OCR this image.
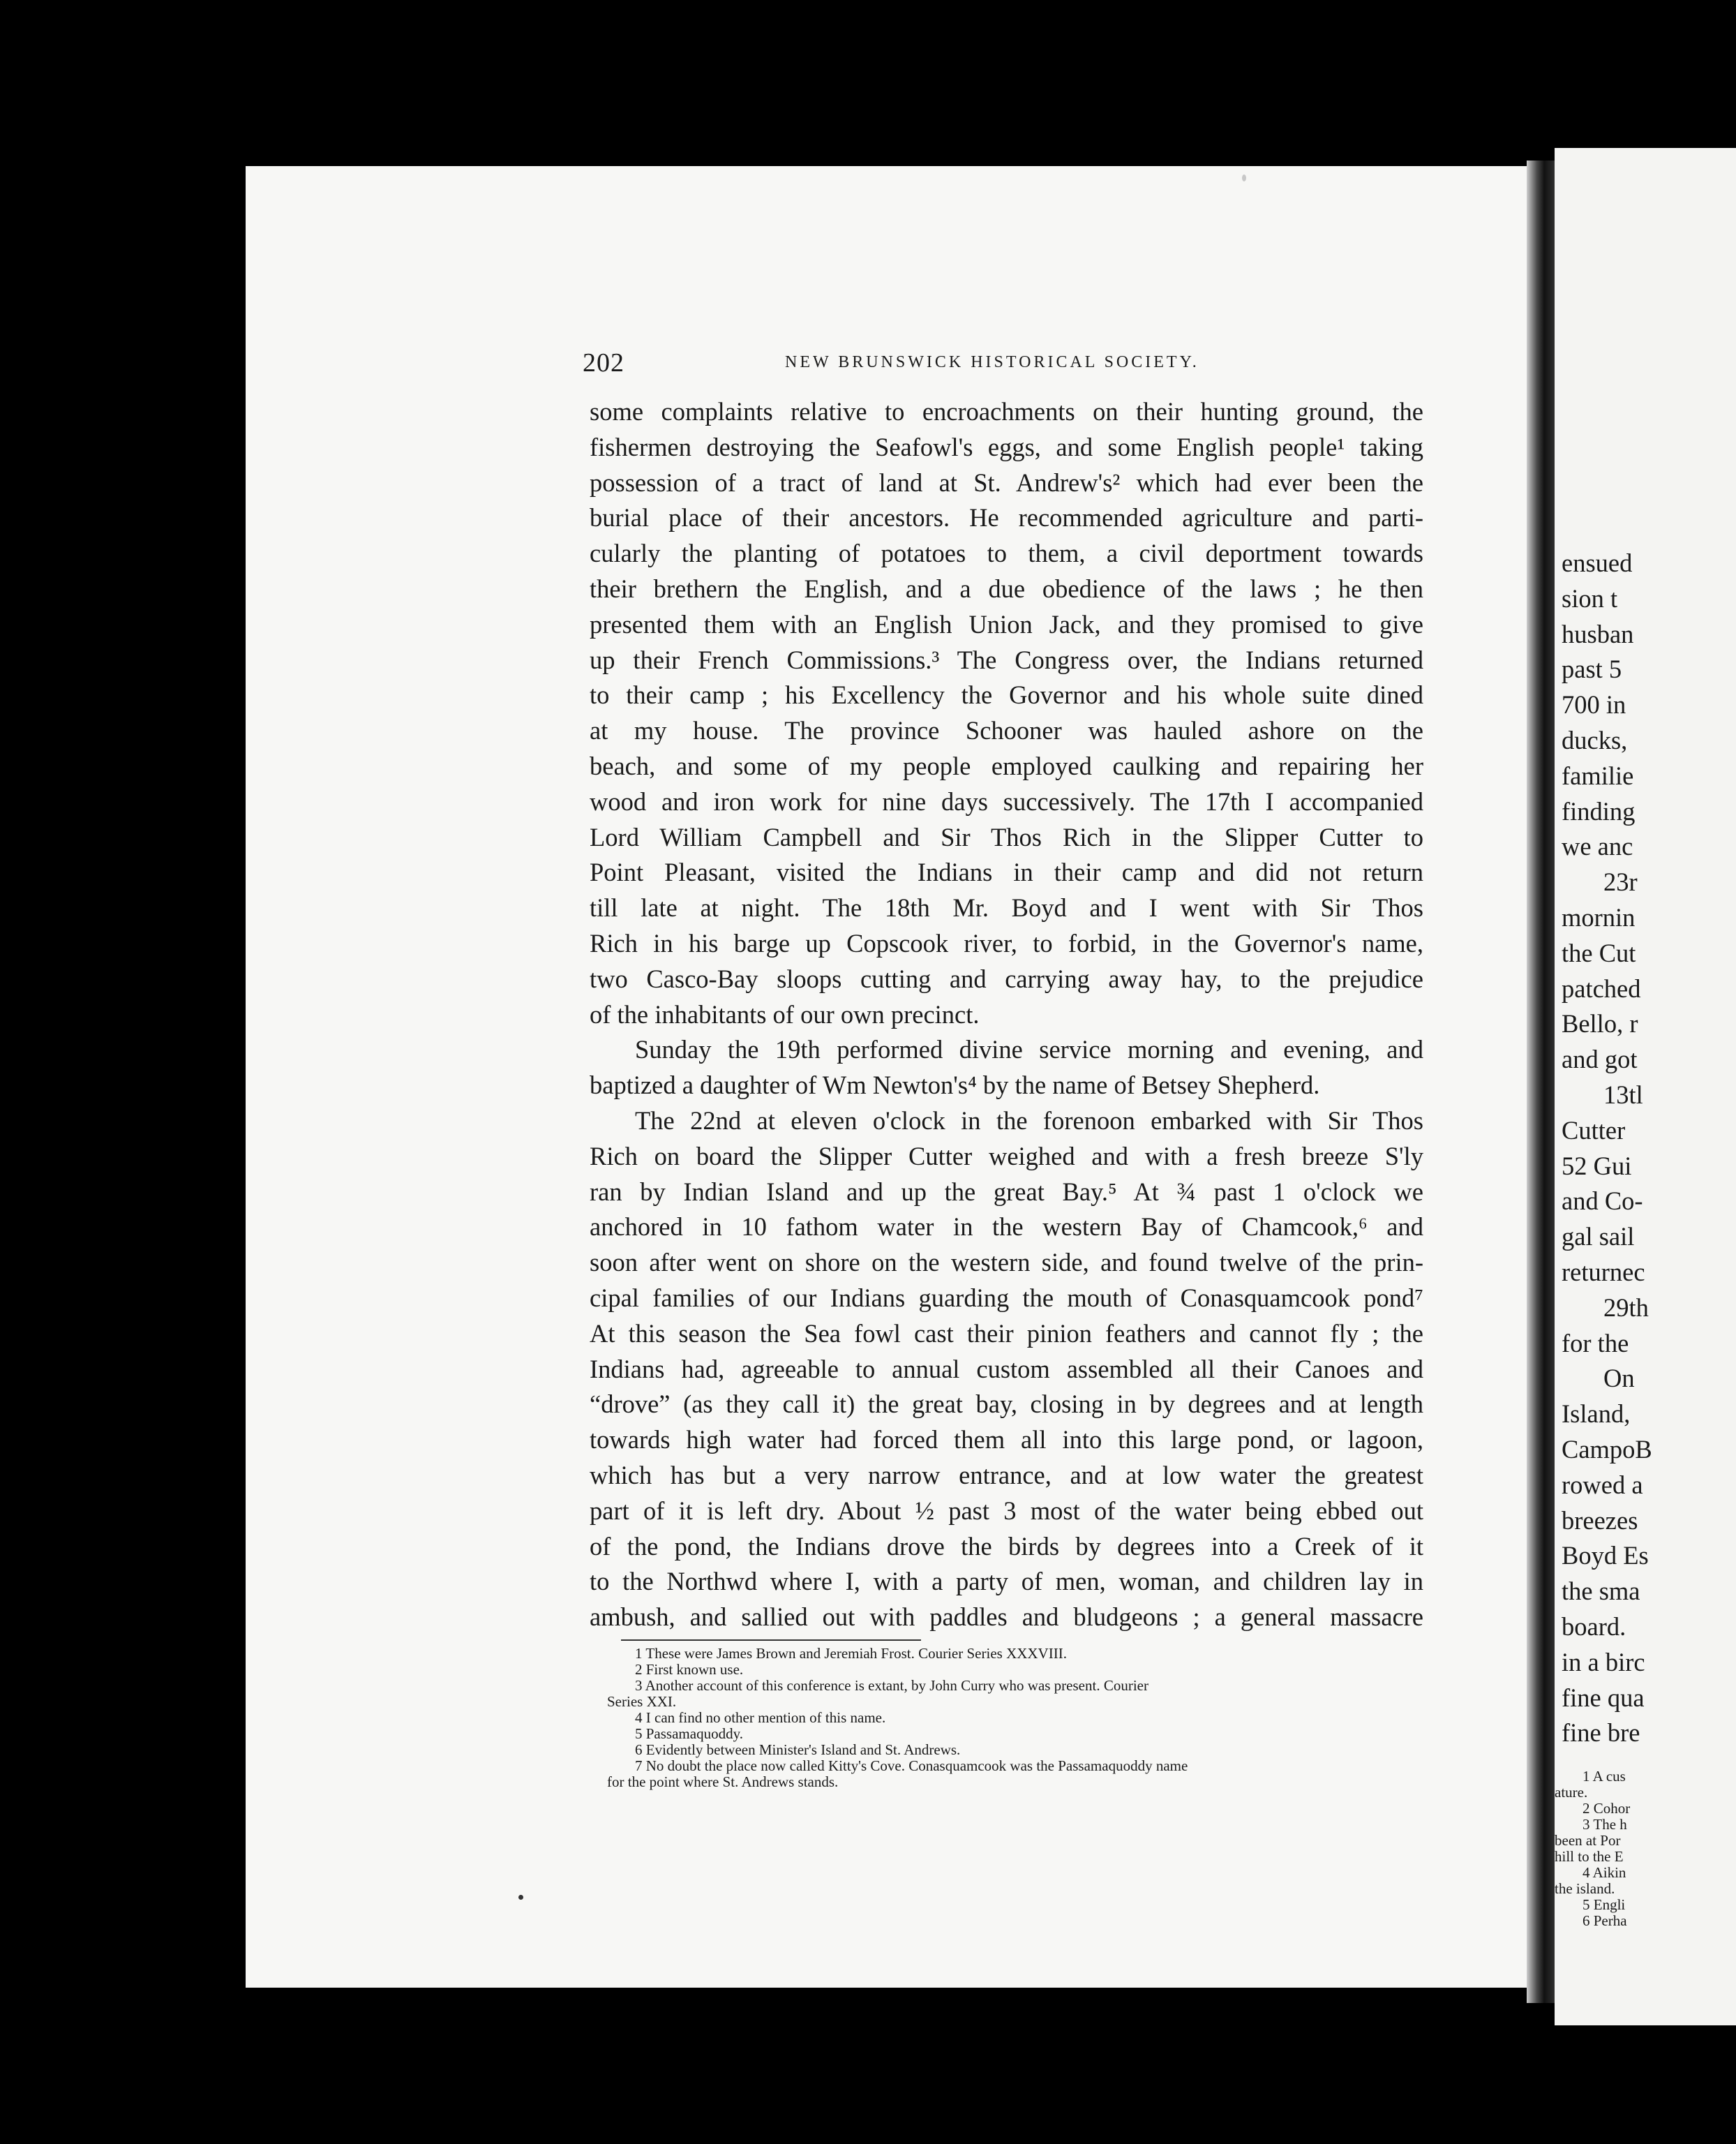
ensued
sion t
husban
past 5
700 in
ducks,
familie
finding
we anc
23r
mornin
the Cut
patched
Bello, r
and got
13tl
Cutter
52 Gui
and Co-
gal sail
returnec
29th
for the
On
Island,
CampoB
rowed a
breezes
Boyd Es
the sma
board.
in a birc
fine qua
fine bre
1 A cus
ature.
2 Cohor
3 The h
been at Por
hill to the E
4 Aikin
the island.
5 Engli
6 Perha
202	NEW BRUNSWICK HISTORICAL SOCIETY.
some complaints relative to encroachments on their hunting ground, the
fishermen destroying the Seafowl's eggs, and some English people¹ taking
possession of a tract of land at St. Andrew's² which had ever been the
burial place of their ancestors. He recommended agriculture and parti-
cularly the planting of potatoes to them, a civil deportment towards
their brethern the English, and a due obedience of the laws ; he then
presented them with an English Union Jack, and they promised to give
up their French Commissions.³ The Congress over, the Indians returned
to their camp ; his Excellency the Governor and his whole suite dined
at my house. The province Schooner was hauled ashore on the
beach, and some of my people employed caulking and repairing her
wood and iron work for nine days successively. The 17th I accompanied
Lord William Campbell and Sir Thos Rich in the Slipper Cutter to
Point Pleasant, visited the Indians in their camp and did not return
till late at night. The 18th Mr. Boyd and I went with Sir Thos
Rich in his barge up Copscook river, to forbid, in the Governor's name,
two Casco-Bay sloops cutting and carrying away hay, to the prejudice
of the inhabitants of our own precinct.
Sunday the 19th performed divine service morning and evening, and
baptized a daughter of Wm Newton's⁴ by the name of Betsey Shepherd.
The 22nd at eleven o'clock in the forenoon embarked with Sir Thos
Rich on board the Slipper Cutter weighed and with a fresh breeze S'ly
ran by Indian Island and up the great Bay.⁵ At ¾ past 1 o'clock we
anchored in 10 fathom water in the western Bay of Chamcook,⁶ and
soon after went on shore on the western side, and found twelve of the prin-
cipal families of our Indians guarding the mouth of Conasquamcook pond⁷
At this season the Sea fowl cast their pinion feathers and cannot fly ; the
Indians had, agreeable to annual custom assembled all their Canoes and
“drove” (as they call it) the great bay, closing in by degrees and at length
towards high water had forced them all into this large pond, or lagoon,
which has but a very narrow entrance, and at low water the greatest
part of it is left dry. About ½ past 3 most of the water being ebbed out
of the pond, the Indians drove the birds by degrees into a Creek of it
to the Northwd where I, with a party of men, woman, and children lay in
ambush, and sallied out with paddles and bludgeons ; a general massacre
1 These were James Brown and Jeremiah Frost. Courier Series XXXVIII.
2 First known use.
3 Another account of this conference is extant, by John Curry who was present. Courier
Series XXI.
4 I can find no other mention of this name.
5 Passamaquoddy.
6 Evidently between Minister's Island and St. Andrews.
7 No doubt the place now called Kitty's Cove. Conasquamcook was the Passamaquoddy name
for the point where St. Andrews stands.
